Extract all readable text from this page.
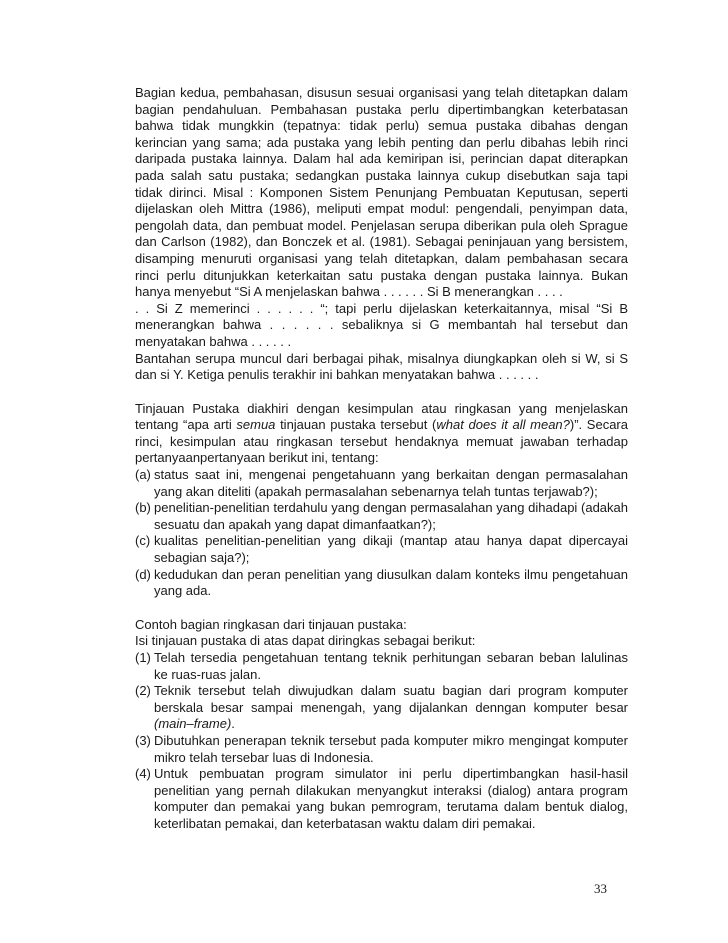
Bagian kedua, pembahasan, disusun sesuai organisasi yang telah ditetapkan dalam bagian pendahuluan. Pembahasan pustaka perlu dipertimbangkan keterbatasan bahwa tidak mungkkin (tepatnya: tidak perlu) semua pustaka dibahas dengan kerincian yang sama; ada pustaka yang lebih penting dan perlu dibahas lebih rinci daripada pustaka lainnya. Dalam hal ada kemiripan isi, perincian dapat diterapkan pada salah satu pustaka; sedangkan pustaka lainnya cukup disebutkan saja tapi tidak dirinci. Misal : Komponen Sistem Penunjang Pembuatan Keputusan, seperti dijelaskan oleh Mittra (1986), meliputi empat modul: pengendali, penyimpan data, pengolah data, dan pembuat model. Penjelasan serupa diberikan pula oleh Sprague dan Carlson (1982), dan Bonczek et al. (1981). Sebagai peninjauan yang bersistem, disamping menuruti organisasi yang telah ditetapkan, dalam pembahasan secara rinci perlu ditunjukkan keterkaitan satu pustaka dengan pustaka lainnya. Bukan hanya menyebut “Si A menjelaskan bahwa . . . . . . Si B menerangkan . . . .

. . Si Z memerinci . . . . . . “; tapi perlu dijelaskan keterkaitannya, misal “Si B menerangkan bahwa . . . . . . sebaliknya si G membantah hal tersebut dan menyatakan bahwa . . . . . .

Bantahan serupa muncul dari berbagai pihak, misalnya diungkapkan oleh si W, si S dan si Y. Ketiga penulis terakhir ini bahkan menyatakan bahwa . . . . . .

Tinjauan Pustaka diakhiri dengan kesimpulan atau ringkasan yang menjelaskan tentang “apa arti semua tinjauan pustaka tersebut (what does it all mean?)”. Secara rinci, kesimpulan atau ringkasan tersebut hendaknya memuat jawaban terhadap pertanyaanpertanyaan berikut ini, tentang:

(a) status saat ini, mengenai pengetahuann yang berkaitan dengan permasalahan yang akan diteliti (apakah permasalahan sebenarnya telah tuntas terjawab?);
(b) penelitian-penelitian terdahulu yang dengan permasalahan yang dihadapi (adakah sesuatu dan apakah yang dapat dimanfaatkan?);
(c) kualitas penelitian-penelitian yang dikaji (mantap atau hanya dapat dipercayai sebagian saja?);
(d) kedudukan dan peran penelitian yang diusulkan dalam konteks ilmu pengetahuan yang ada.

Contoh bagian ringkasan dari tinjauan pustaka:

Isi tinjauan pustaka di atas dapat diringkas sebagai berikut:

(1) Telah tersedia pengetahuan tentang teknik perhitungan sebaran beban lalulinas ke ruas-ruas jalan.
(2) Teknik tersebut telah diwujudkan dalam suatu bagian dari program komputer berskala besar sampai menengah, yang dijalankan denngan komputer besar (main–frame).
(3) Dibutuhkan penerapan teknik tersebut pada komputer mikro mengingat komputer mikro telah tersebar luas di Indonesia.
(4) Untuk pembuatan program simulator ini perlu dipertimbangkan hasil-hasil penelitian yang pernah dilakukan menyangkut interaksi (dialog) antara program komputer dan pemakai yang bukan pemrogram, terutama dalam bentuk dialog, keterlibatan pemakai, dan keterbatasan waktu dalam diri pemakai.
33
